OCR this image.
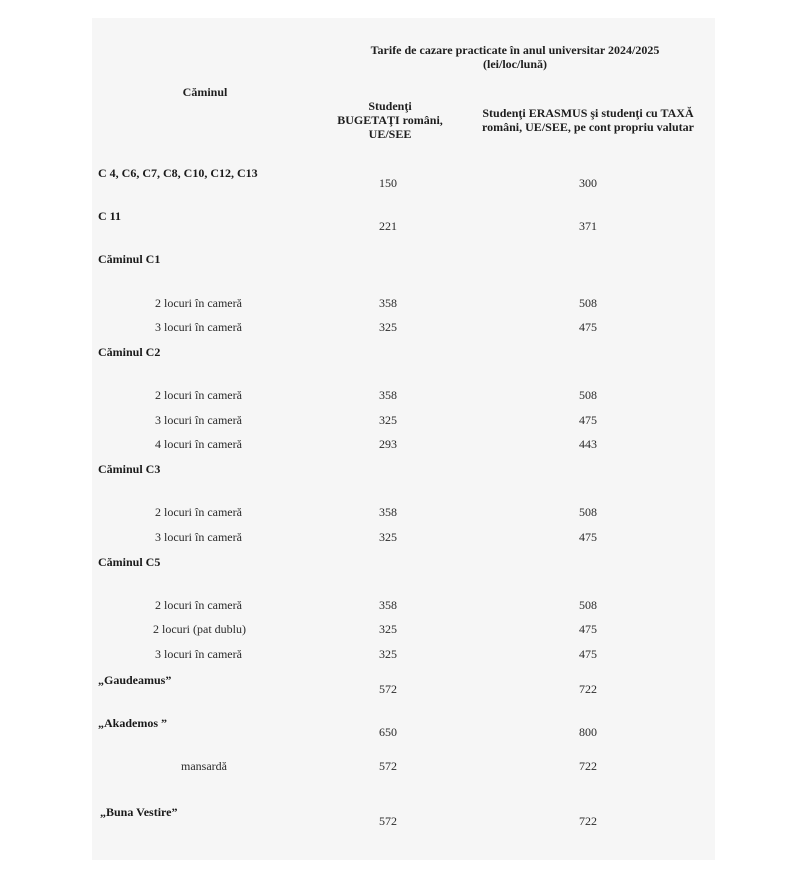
Tarife de cazare practicate în anul universitar 2024/2025
(lei/loc/lună)
Căminul
Studenţi
BUGETAŢI români,
UE/SEE
Studenţi ERASMUS şi studenţi cu TAXĂ
români, UE/SEE, pe cont propriu valutar
C 4, C6, C7, C8, C10, C12, C13
150	300
C 11
221	371
Căminul C1
2 locuri în cameră	358	508
3 locuri în cameră	325	475
Căminul C2
2 locuri în cameră	358	508
3 locuri în cameră	325	475
4 locuri în cameră	293	443
Căminul C3
2 locuri în cameră	358	508
3 locuri în cameră	325	475
Căminul C5
2 locuri în cameră	358	508
2 locuri (pat dublu)	325	475
3 locuri în cameră	325	475
„Gaudeamus”
572	722
„Akademos ”
650	800
mansardă	572	722
„Buna Vestire”
572	722
